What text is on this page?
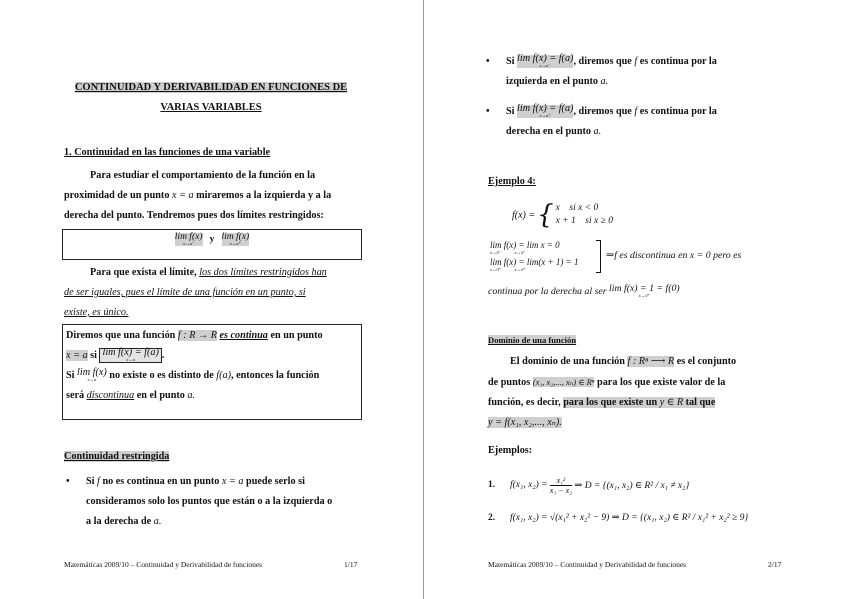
CONTINUIDAD Y DERIVABILIDAD EN FUNCIONES DE
VARIAS VARIABLES
1. Continuidad en las funciones de una variable
Para estudiar el comportamiento de la función en la
proximidad de un punto x = a miraremos a la izquierda y a la
derecha del punto. Tendremos pues dos límites restringidos:
lim f(x)
x→a⁻	y lim f(x)
x→a⁺
Para que exista el límite, los dos límites restringidos han
de ser iguales, pues el límite de una función en un punto, si
existe, es único.
Diremos que una función f : R → R es continua en un punto
x = a si lim f(x) = f(a)
x→a	.
Si lim f(x)
x→a	no existe o es distinto de f(a), entonces la función
será discontinua en el punto a.
Continuidad restringida
• Si f no es continua en un punto x = a puede serlo si
consideramos solo los puntos que están o a la izquierda o
a la derecha de a.
Matemáticas 2009/10 – Continuidad y Derivabilidad de funciones	1/17
• Si lim f(x) = f(a)
x→a⁻	, diremos que f es continua por la
izquierda en el punto a.
• Si lim f(x) = f(a)
x→a⁺	, diremos que f es continua por la
derecha en el punto a.
Ejemplo 4:
f(x) = { x    si x < 0
x + 1    si x ≥ 0
lim f(x) = lim x = 0
x→0⁻            x→0⁻
lim f(x) = lim(x + 1) = 1
x→0⁺            x→0⁺
⇒f es discontinua en x = 0 pero es
continua por la derecha al ser lim f(x) = 1 = f(0)
x→0⁺
Dominio de una función
El dominio de una función f : Rⁿ ⟶ R es el conjunto
de puntos (x₁, x₂,..., xₙ) ∈ Rⁿ para los que existe valor de la
función, es decir, para los que existe un y ∈ R tal que
y = f(x₁, x₂,..., xₙ).
Ejemplos:
1.	f(x₁, x₂) =
$\frac{\text{x₁²}}{\text{x₁ − x₂}}$
⇒ D = {(x₁, x₂) ∈ R² / x₁ ≠ x₂}
2. f(x₁, x₂) = √(x₁² + x₂² − 9) ⇒ D = {(x₁, x₂) ∈ R² / x₁² + x₂² ≥ 9}
Matemáticas 2009/10 – Continuidad y Derivabilidad de funciones	2/17
